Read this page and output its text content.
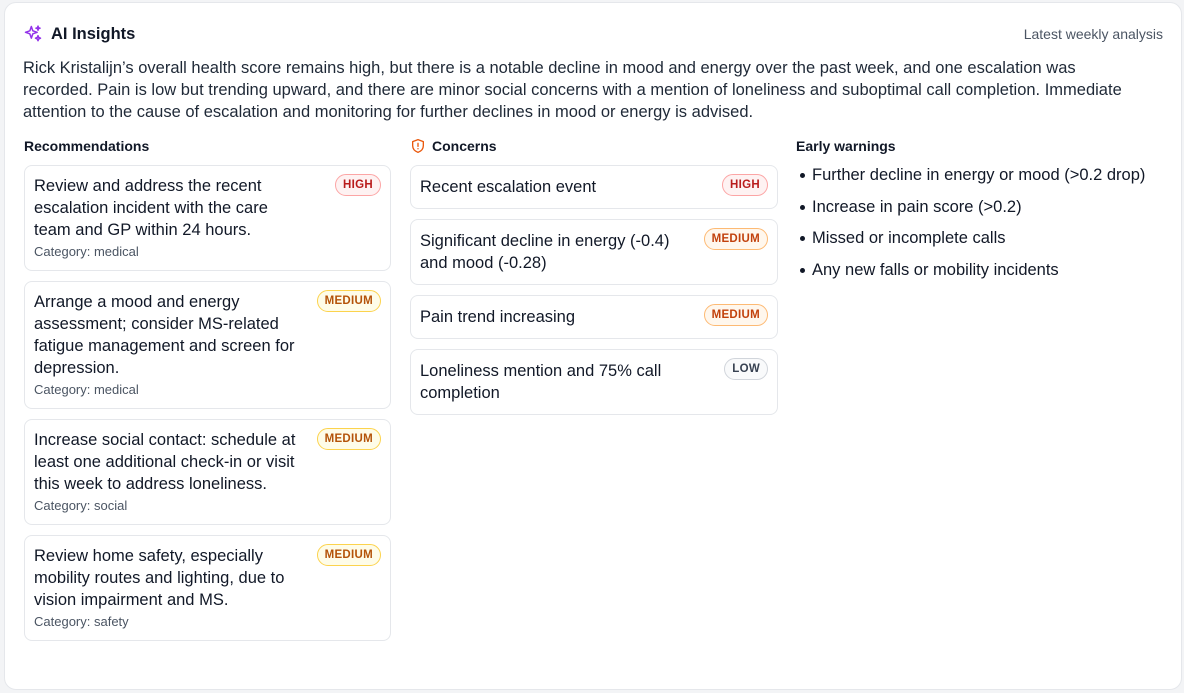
AI Insights	Latest weekly analysis

Rick Kristalijn’s overall health score remains high, but there is a notable decline in mood and energy over the past week, and one escalation was recorded. Pain is low but trending upward, and there are minor social concerns with a mention of loneliness and suboptimal call completion. Immediate attention to the cause of escalation and monitoring for further declines in mood or energy is advised.

Recommendations
Review and address the recent escalation incident with the care team and GP within 24 hours.
Category: medical
HIGH
Arrange a mood and energy assessment; consider MS-related fatigue management and screen for depression.
Category: medical
MEDIUM
Increase social contact: schedule at least one additional check-in or visit this week to address loneliness.
Category: social
MEDIUM
Review home safety, especially mobility routes and lighting, due to vision impairment and MS.
Category: safety
MEDIUM
Concerns
Recent escalation event	HIGH
Significant decline in energy (-0.4) and mood (-0.28)
MEDIUM
Pain trend increasing	MEDIUM
Loneliness mention and 75% call completion
LOW
Early warnings
Further decline in energy or mood (>0.2 drop)
Increase in pain score (>0.2)
Missed or incomplete calls
Any new falls or mobility incidents
